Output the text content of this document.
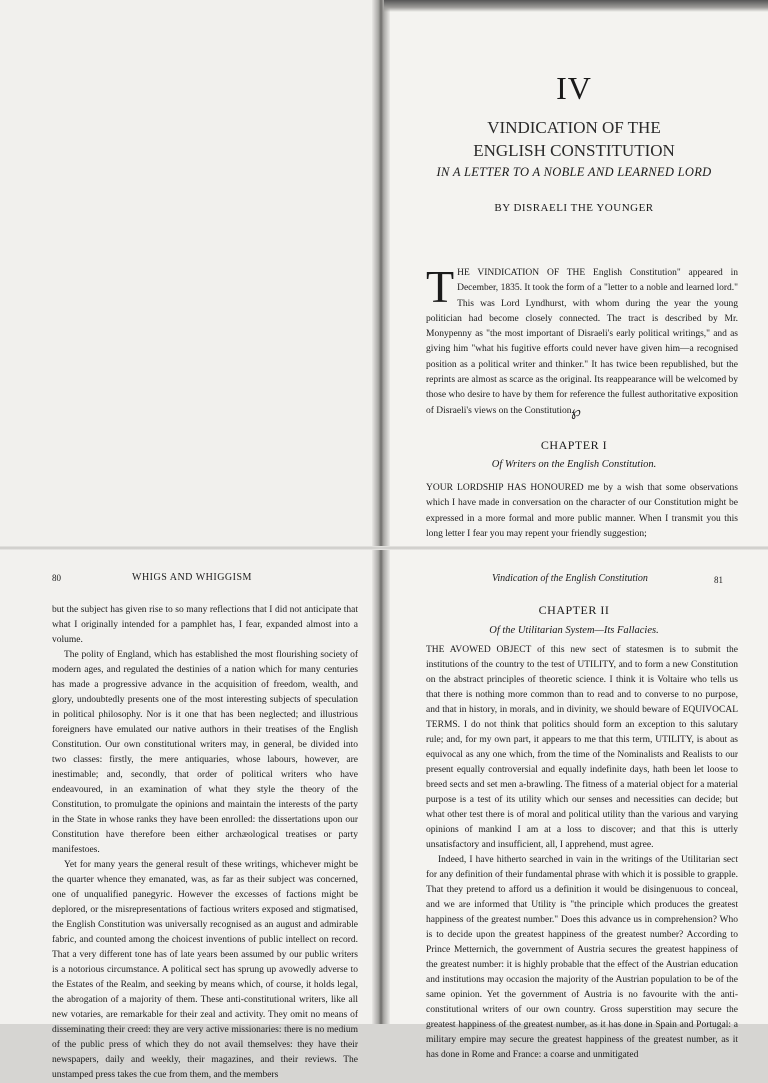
IV
VINDICATION OF THE
ENGLISH CONSTITUTION
IN A LETTER TO A NOBLE AND LEARNED LORD
BY DISRAELI THE YOUNGER
THE VINDICATION OF THE English Constitution" appeared in December, 1835. It took the form of a "letter to a noble and learned lord." This was Lord Lyndhurst, with whom during the year the young politician had become closely connected. The tract is described by Mr. Monypenny as "the most important of Disraeli's early political writings," and as giving him "what his fugitive efforts could never have given him—a recognised position as a political writer and thinker." It has twice been republished, but the reprints are almost as scarce as the original. Its reappearance will be welcomed by those who desire to have by them for reference the fullest authoritative exposition of Disraeli's views on the Constitution.
℘
CHAPTER I
Of Writers on the English Constitution.
YOUR LORDSHIP HAS HONOURED me by a wish that some observations which I have made in conversation on the character of our Constitution might be expressed in a more formal and more public manner. When I transmit you this long letter I fear you may repent your friendly suggestion;
80	WHIGS AND WHIGGISM

but the subject has given rise to so many reflections that I did not anticipate that what I originally intended for a pamphlet has, I fear, expanded almost into a volume.

The polity of England, which has established the most flourishing society of modern ages, and regulated the destinies of a nation which for many centuries has made a progressive advance in the acquisition of freedom, wealth, and glory, undoubtedly presents one of the most interesting subjects of speculation in political philosophy. Nor is it one that has been neglected; and illustrious foreigners have emulated our native authors in their treatises of the English Constitution. Our own constitutional writers may, in general, be divided into two classes: firstly, the mere antiquaries, whose labours, however, are inestimable; and, secondly, that order of political writers who have endeavoured, in an examination of what they style the theory of the Constitution, to promulgate the opinions and maintain the interests of the party in the State in whose ranks they have been enrolled: the dissertations upon our Constitution have therefore been either archæological treatises or party manifestoes.

Yet for many years the general result of these writings, whichever might be the quarter whence they emanated, was, as far as their subject was concerned, one of unqualified panegyric. However the excesses of factions might be deplored, or the misrepresentations of factious writers exposed and stigmatised, the English Constitution was universally recognised as an august and admirable fabric, and counted among the choicest inventions of public intellect on record. That a very different tone has of late years been assumed by our public writers is a notorious circumstance. A political sect has sprung up avowedly adverse to the Estates of the Realm, and seeking by means which, of course, it holds legal, the abrogation of a majority of them. These anti-constitutional writers, like all new votaries, are remarkable for their zeal and activity. They omit no means of disseminating their creed: they are very active missionaries: there is no medium of the public press of which they do not avail themselves: they have their newspapers, daily and weekly, their magazines, and their reviews. The unstamped press takes the cue from them, and the members

Vindication of the English Constitution	81
CHAPTER II
Of the Utilitarian System—Its Fallacies.

THE AVOWED OBJECT of this new sect of statesmen is to submit the institutions of the country to the test of UTILITY, and to form a new Constitution on the abstract principles of theoretic science. I think it is Voltaire who tells us that there is nothing more common than to read and to converse to no purpose, and that in history, in morals, and in divinity, we should beware of EQUIVOCAL TERMS. I do not think that politics should form an exception to this salutary rule; and, for my own part, it appears to me that this term, UTILITY, is about as equivocal as any one which, from the time of the Nominalists and Realists to our present equally controversial and equally indefinite days, hath been let loose to breed sects and set men a-brawling. The fitness of a material object for a material purpose is a test of its utility which our senses and necessities can decide; but what other test there is of moral and political utility than the various and varying opinions of mankind I am at a loss to discover; and that this is utterly unsatisfactory and insufficient, all, I apprehend, must agree.

Indeed, I have hitherto searched in vain in the writings of the Utilitarian sect for any definition of their fundamental phrase with which it is possible to grapple. That they pretend to afford us a definition it would be disingenuous to conceal, and we are informed that Utility is "the principle which produces the greatest happiness of the greatest number." Does this advance us in comprehension? Who is to decide upon the greatest happiness of the greatest number? According to Prince Metternich, the government of Austria secures the greatest happiness of the greatest number: it is highly probable that the effect of the Austrian education and institutions may occasion the majority of the Austrian population to be of the same opinion. Yet the government of Austria is no favourite with the anti-constitutional writers of our own country. Gross superstition may secure the greatest happiness of the greatest number, as it has done in Spain and Portugal: a military empire may secure the greatest happiness of the greatest number, as it has done in Rome and France: a coarse and unmitigated
